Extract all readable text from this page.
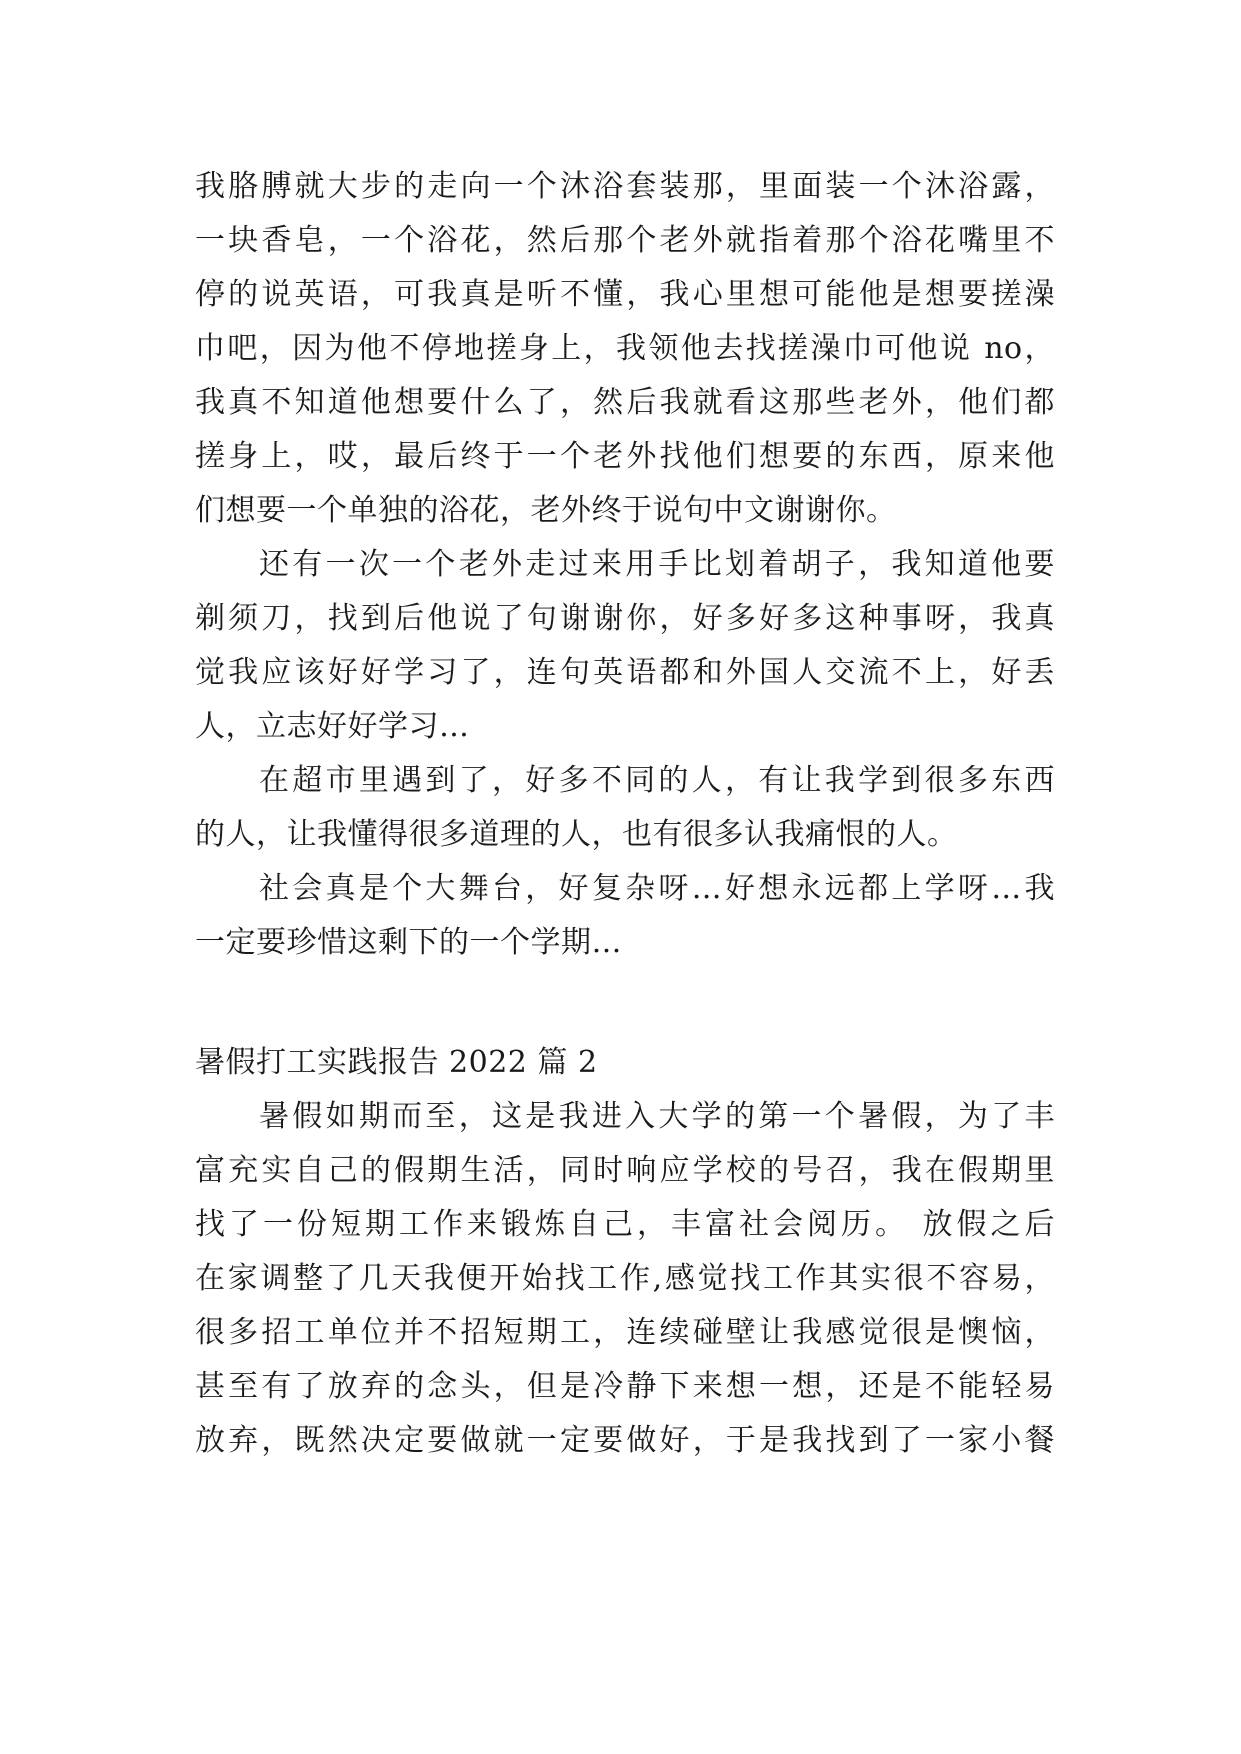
我胳膊就大步的走向一个沐浴套装那，里面装一个沐浴露，
一块香皂，一个浴花，然后那个老外就指着那个浴花嘴里不
停的说英语，可我真是听不懂，我心里想可能他是想要搓澡
巾吧，因为他不停地搓身上，我领他去找搓澡巾可他说 no，
我真不知道他想要什么了，然后我就看这那些老外，他们都
搓身上，哎，最后终于一个老外找他们想要的东西，原来他
们想要一个单独的浴花，老外终于说句中文谢谢你。
还有一次一个老外走过来用手比划着胡子，我知道他要
剃须刀，找到后他说了句谢谢你，好多好多这种事呀，我真
觉我应该好好学习了，连句英语都和外国人交流不上，好丢
人，立志好好学习…
在超市里遇到了，好多不同的人，有让我学到很多东西
的人，让我懂得很多道理的人，也有很多认我痛恨的人。
社会真是个大舞台，好复杂呀…好想永远都上学呀…我
一定要珍惜这剩下的一个学期…
暑假打工实践报告 2022 篇 2
暑假如期而至，这是我进入大学的第一个暑假，为了丰
富充实自己的假期生活，同时响应学校的号召，我在假期里
找了一份短期工作来锻炼自己，丰富社会阅历。 放假之后
在家调整了几天我便开始找工作,感觉找工作其实很不容易，
很多招工单位并不招短期工，连续碰壁让我感觉很是懊恼，
甚至有了放弃的念头，但是冷静下来想一想，还是不能轻易
放弃，既然决定要做就一定要做好，于是我找到了一家小餐
